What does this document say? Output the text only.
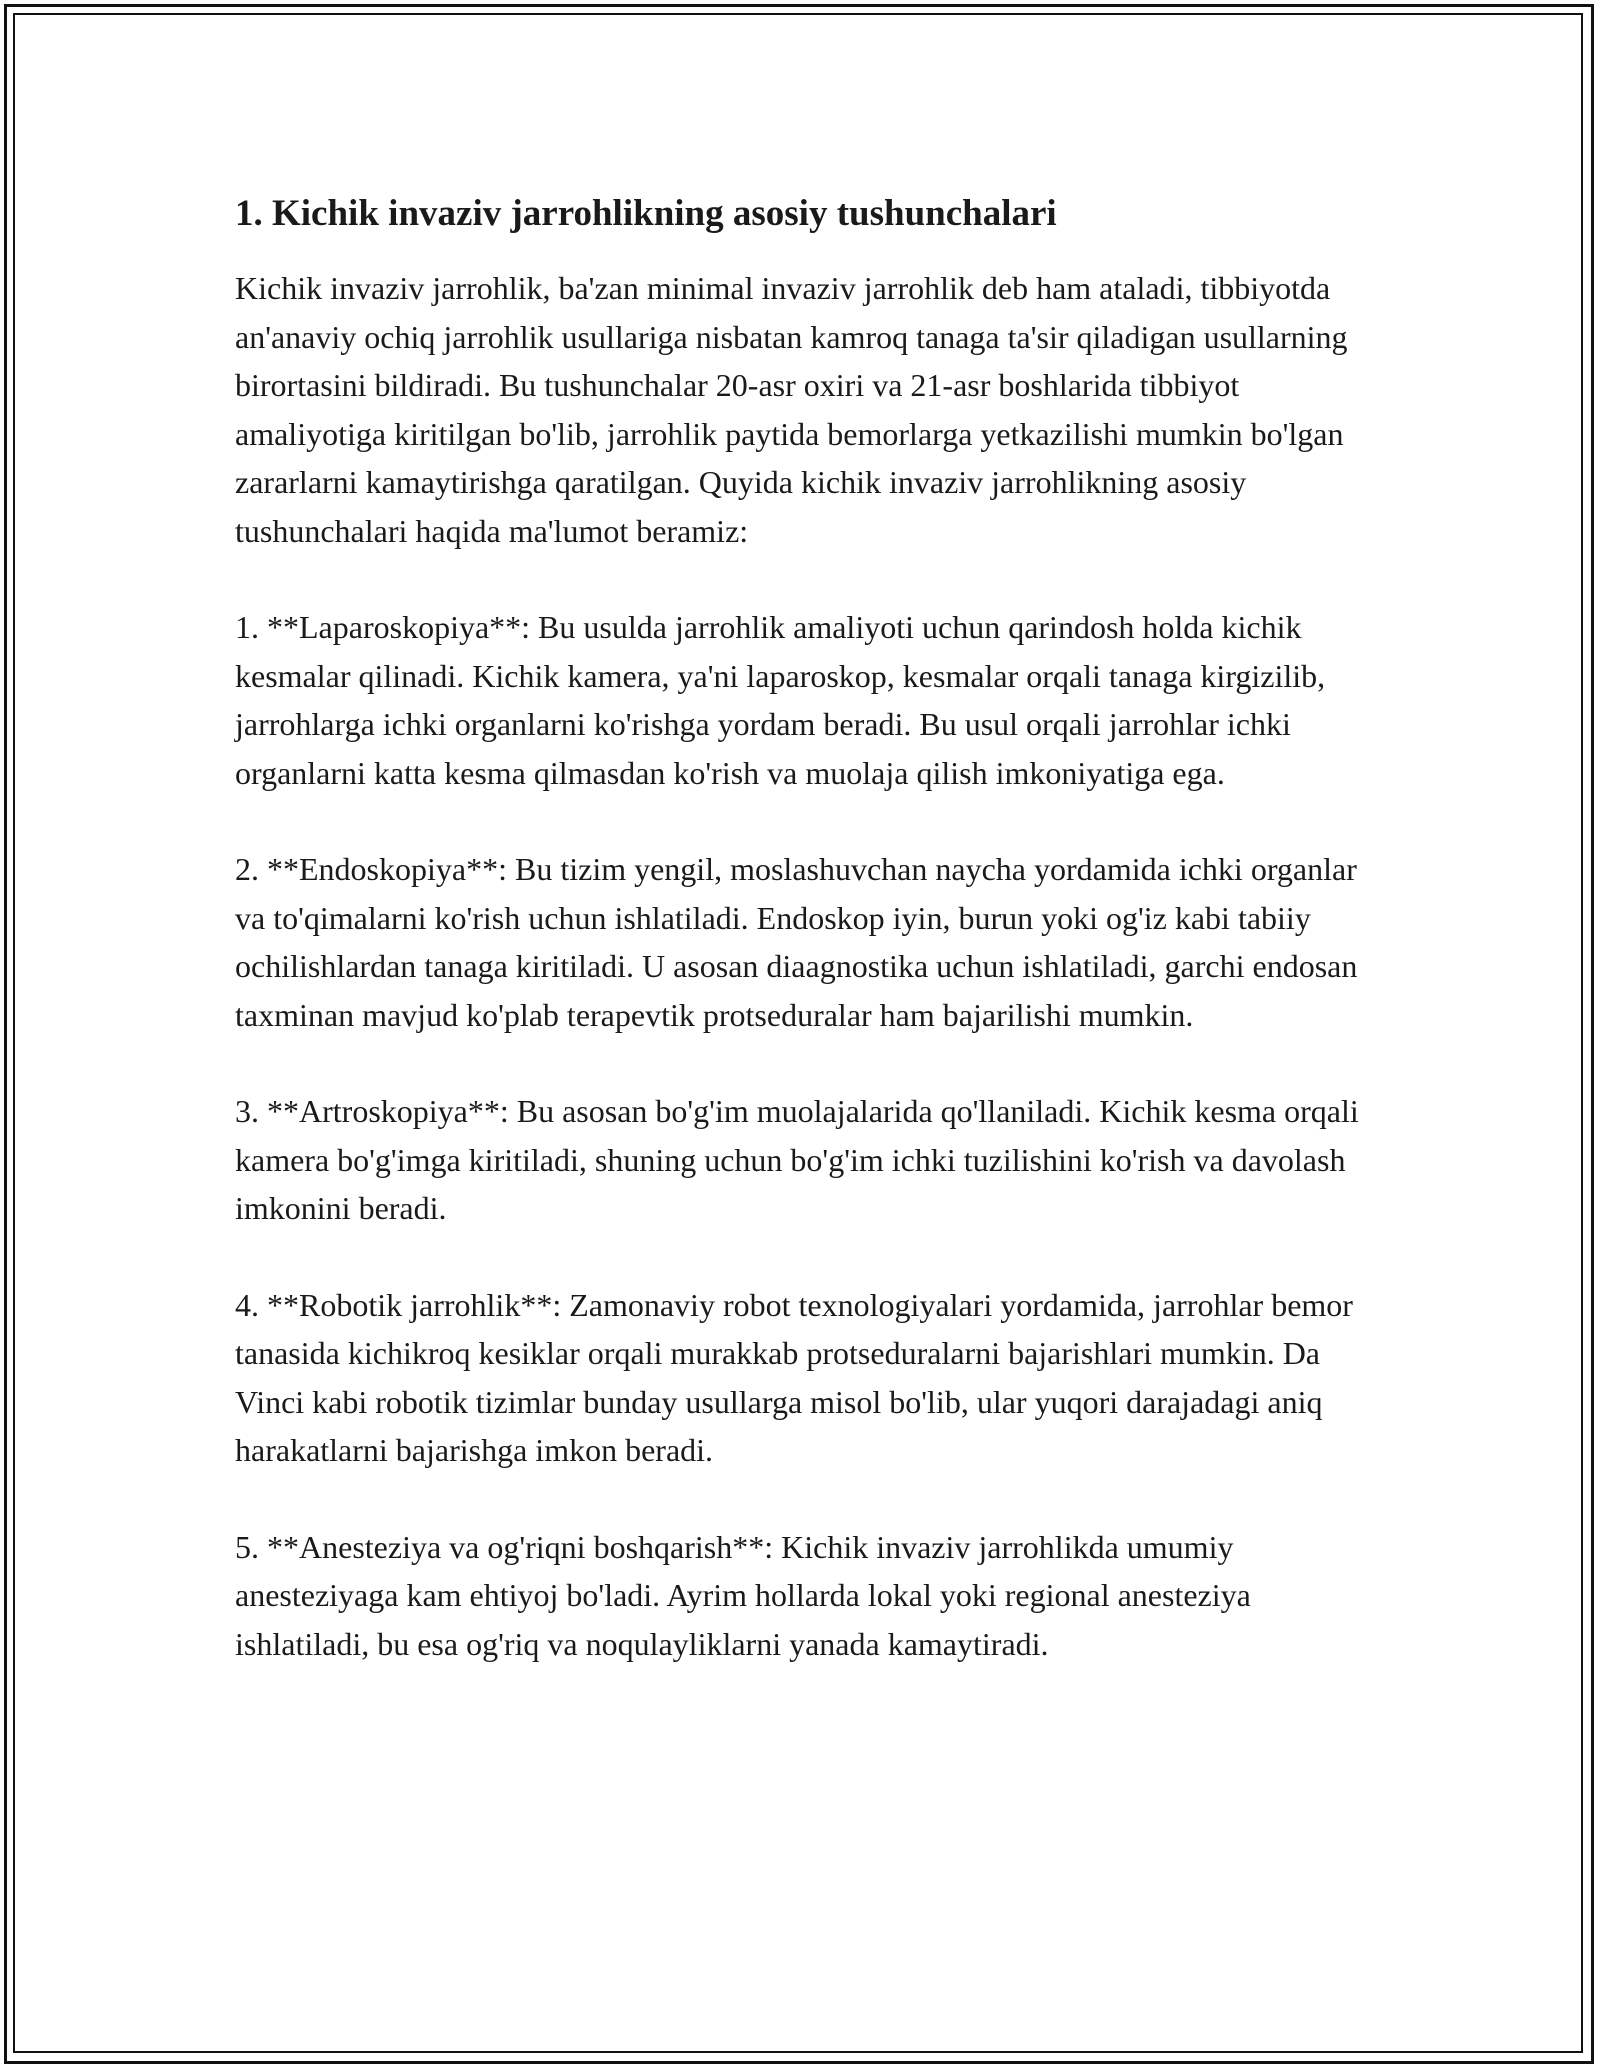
1. Kichik invaziv jarrohlikning asosiy tushunchalari

Kichik invaziv jarrohlik, ba'zan minimal invaziv jarrohlik deb ham ataladi, tibbiyotda an'anaviy ochiq jarrohlik usullariga nisbatan kamroq tanaga ta'sir qiladigan usullarning birortasini bildiradi. Bu tushunchalar 20-asr oxiri va 21-asr boshlarida tibbiyot amaliyotiga kiritilgan bo'lib, jarrohlik paytida bemorlarga yetkazilishi mumkin bo'lgan zararlarni kamaytirishga qaratilgan. Quyida kichik invaziv jarrohlikning asosiy tushunchalari haqida ma'lumot beramiz:

1. **Laparoskopiya**: Bu usulda jarrohlik amaliyoti uchun qarindosh holda kichik kesmalar qilinadi. Kichik kamera, ya'ni laparoskop, kesmalar orqali tanaga kirgizilib, jarrohlarga ichki organlarni ko'rishga yordam beradi. Bu usul orqali jarrohlar ichki organlarni katta kesma qilmasdan ko'rish va muolaja qilish imkoniyatiga ega.

2. **Endoskopiya**: Bu tizim yengil, moslashuvchan naycha yordamida ichki organlar va to'qimalarni ko'rish uchun ishlatiladi. Endoskop iyin, burun yoki og'iz kabi tabiiy ochilishlardan tanaga kiritiladi. U asosan diaagnostika uchun ishlatiladi, garchi endosan taxminan mavjud ko'plab terapevtik protseduralar ham bajarilishi mumkin.

3. **Artroskopiya**: Bu asosan bo'g'im muolajalarida qo'llaniladi. Kichik kesma orqali kamera bo'g'imga kiritiladi, shuning uchun bo'g'im ichki tuzilishini ko'rish va davolash imkonini beradi.

4. **Robotik jarrohlik**: Zamonaviy robot texnologiyalari yordamida, jarrohlar bemor tanasida kichikroq kesiklar orqali murakkab protseduralarni bajarishlari mumkin. Da Vinci kabi robotik tizimlar bunday usullarga misol bo'lib, ular yuqori darajadagi aniq harakatlarni bajarishga imkon beradi.

5. **Anesteziya va og'riqni boshqarish**: Kichik invaziv jarrohlikda umumiy anesteziyaga kam ehtiyoj bo'ladi. Ayrim hollarda lokal yoki regional anesteziya ishlatiladi, bu esa og'riq va noqulayliklarni yanada kamaytiradi.
